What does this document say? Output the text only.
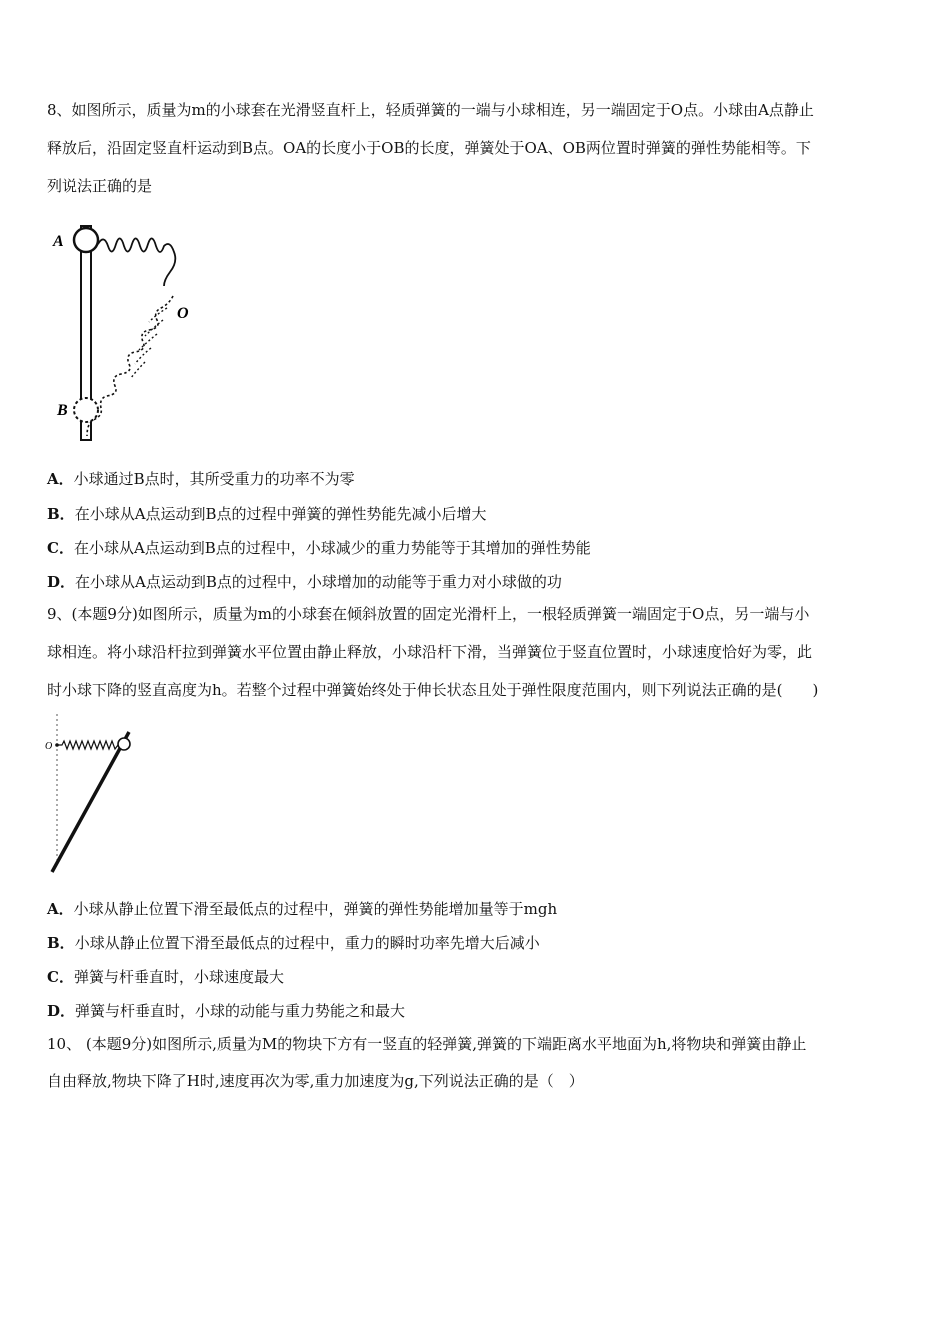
8、如图所示，质量为m的小球套在光滑竖直杆上，轻质弹簧的一端与小球相连，另一端固定于O点。小球由A点静止
释放后，沿固定竖直杆运动到B点。OA的长度小于OB的长度，弹簧处于OA、OB两位置时弹簧的弹性势能相等。下
列说法正确的是
A
O
B
A．小球通过B点时，其所受重力的功率不为零
B．在小球从A点运动到B点的过程中弹簧的弹性势能先减小后增大
C．在小球从A点运动到B点的过程中，小球减少的重力势能等于其增加的弹性势能
D．在小球从A点运动到B点的过程中，小球增加的动能等于重力对小球做的功
9、(本题9分)如图所示，质量为m的小球套在倾斜放置的固定光滑杆上，一根轻质弹簧一端固定于O点，另一端与小
球相连。将小球沿杆拉到弹簧水平位置由静止释放，小球沿杆下滑，当弹簧位于竖直位置时，小球速度恰好为零，此
时小球下降的竖直高度为h。若整个过程中弹簧始终处于伸长状态且处于弹性限度范围内，则下列说法正确的是(　　)
O
A．小球从静止位置下滑至最低点的过程中，弹簧的弹性势能增加量等于mgh
B．小球从静止位置下滑至最低点的过程中，重力的瞬时功率先增大后减小
C．弹簧与杆垂直时，小球速度最大
D．弹簧与杆垂直时，小球的动能与重力势能之和最大
10、 (本题9分)如图所示,质量为M的物块下方有一竖直的轻弹簧,弹簧的下端距离水平地面为h,将物块和弹簧由静止
自由释放,物块下降了H时,速度再次为零,重力加速度为g,下列说法正确的是（　）
